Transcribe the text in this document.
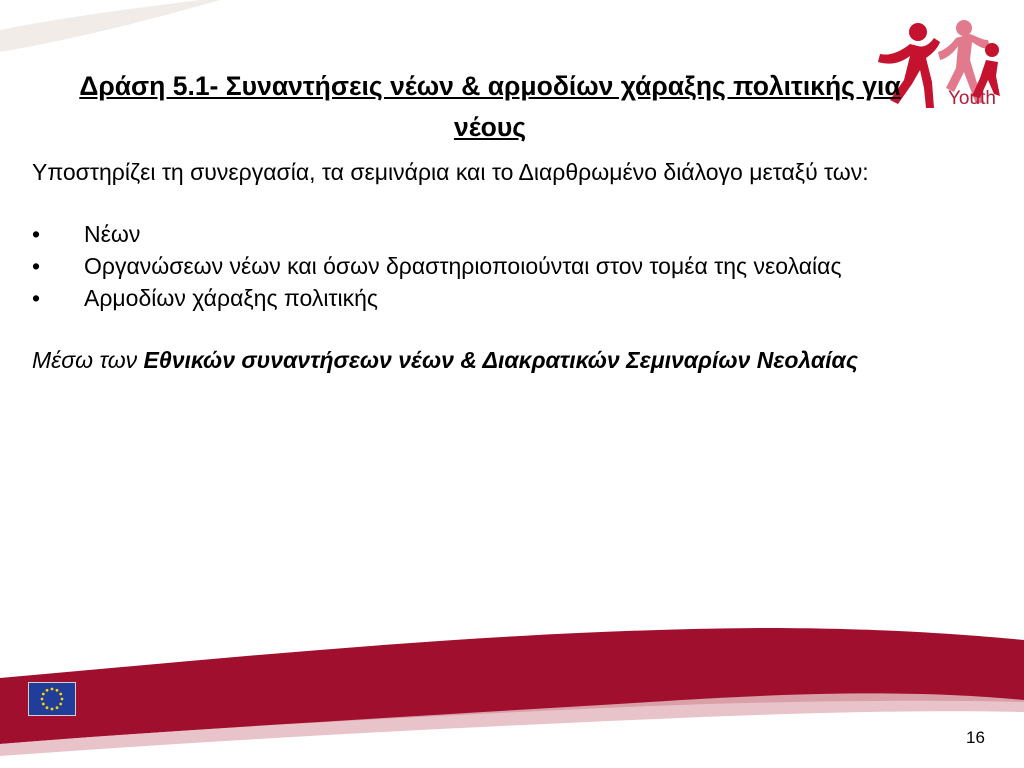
Youth
Δράση 5.1- Συναντήσεις νέων & αρμοδίων χάραξης πολιτικής για νέους

Υποστηρίζει τη συνεργασία, τα σεμινάρια και το Διαρθρωμένο διάλογο μεταξύ των:

• Νέων

• Οργανώσεων νέων και όσων δραστηριοποιούνται στον τομέα της νεολαίας

• Αρμοδίων χάραξης πολιτικής

Μέσω των Εθνικών συναντήσεων νέων & Διακρατικών Σεμιναρίων Νεολαίας

16
